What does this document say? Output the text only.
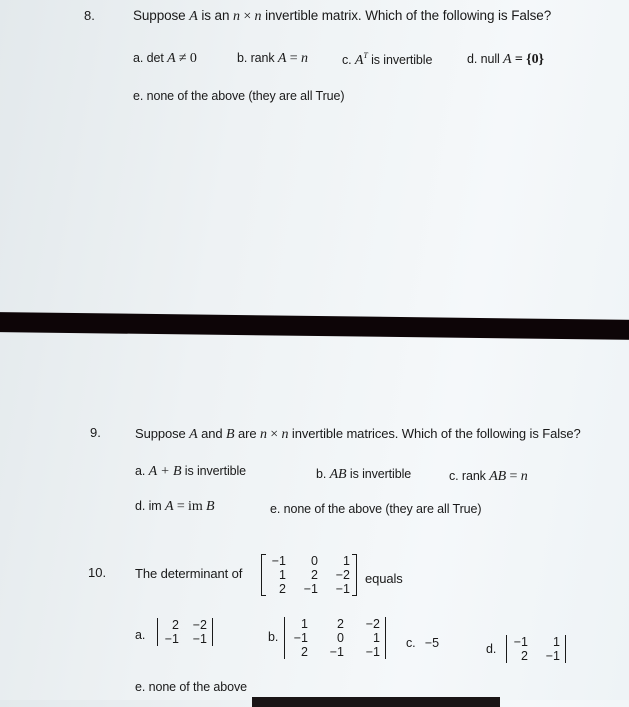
8.	Suppose A is an n × n invertible matrix. Which of the following is False?
a. det A ≠ 0	b. rank A = n	c. $A^T$ is invertible	d. null A = {0}
e. none of the above (they are all True)
9.	Suppose A and B are n × n invertible matrices. Which of the following is False?
a. A + B is invertible	b. AB is invertible	c. rank AB = n
d. im A = im B	e. none of the above (they are all True)
10. The determinant of
−1	0	1
1	2	−2
2	−1	−1
equals
a.
2	−2
−1	−1	b.
1	2	−2
−1	0	1
2	−1	−1
c. −5	d. −1	1
2	−1
e. none of the above
